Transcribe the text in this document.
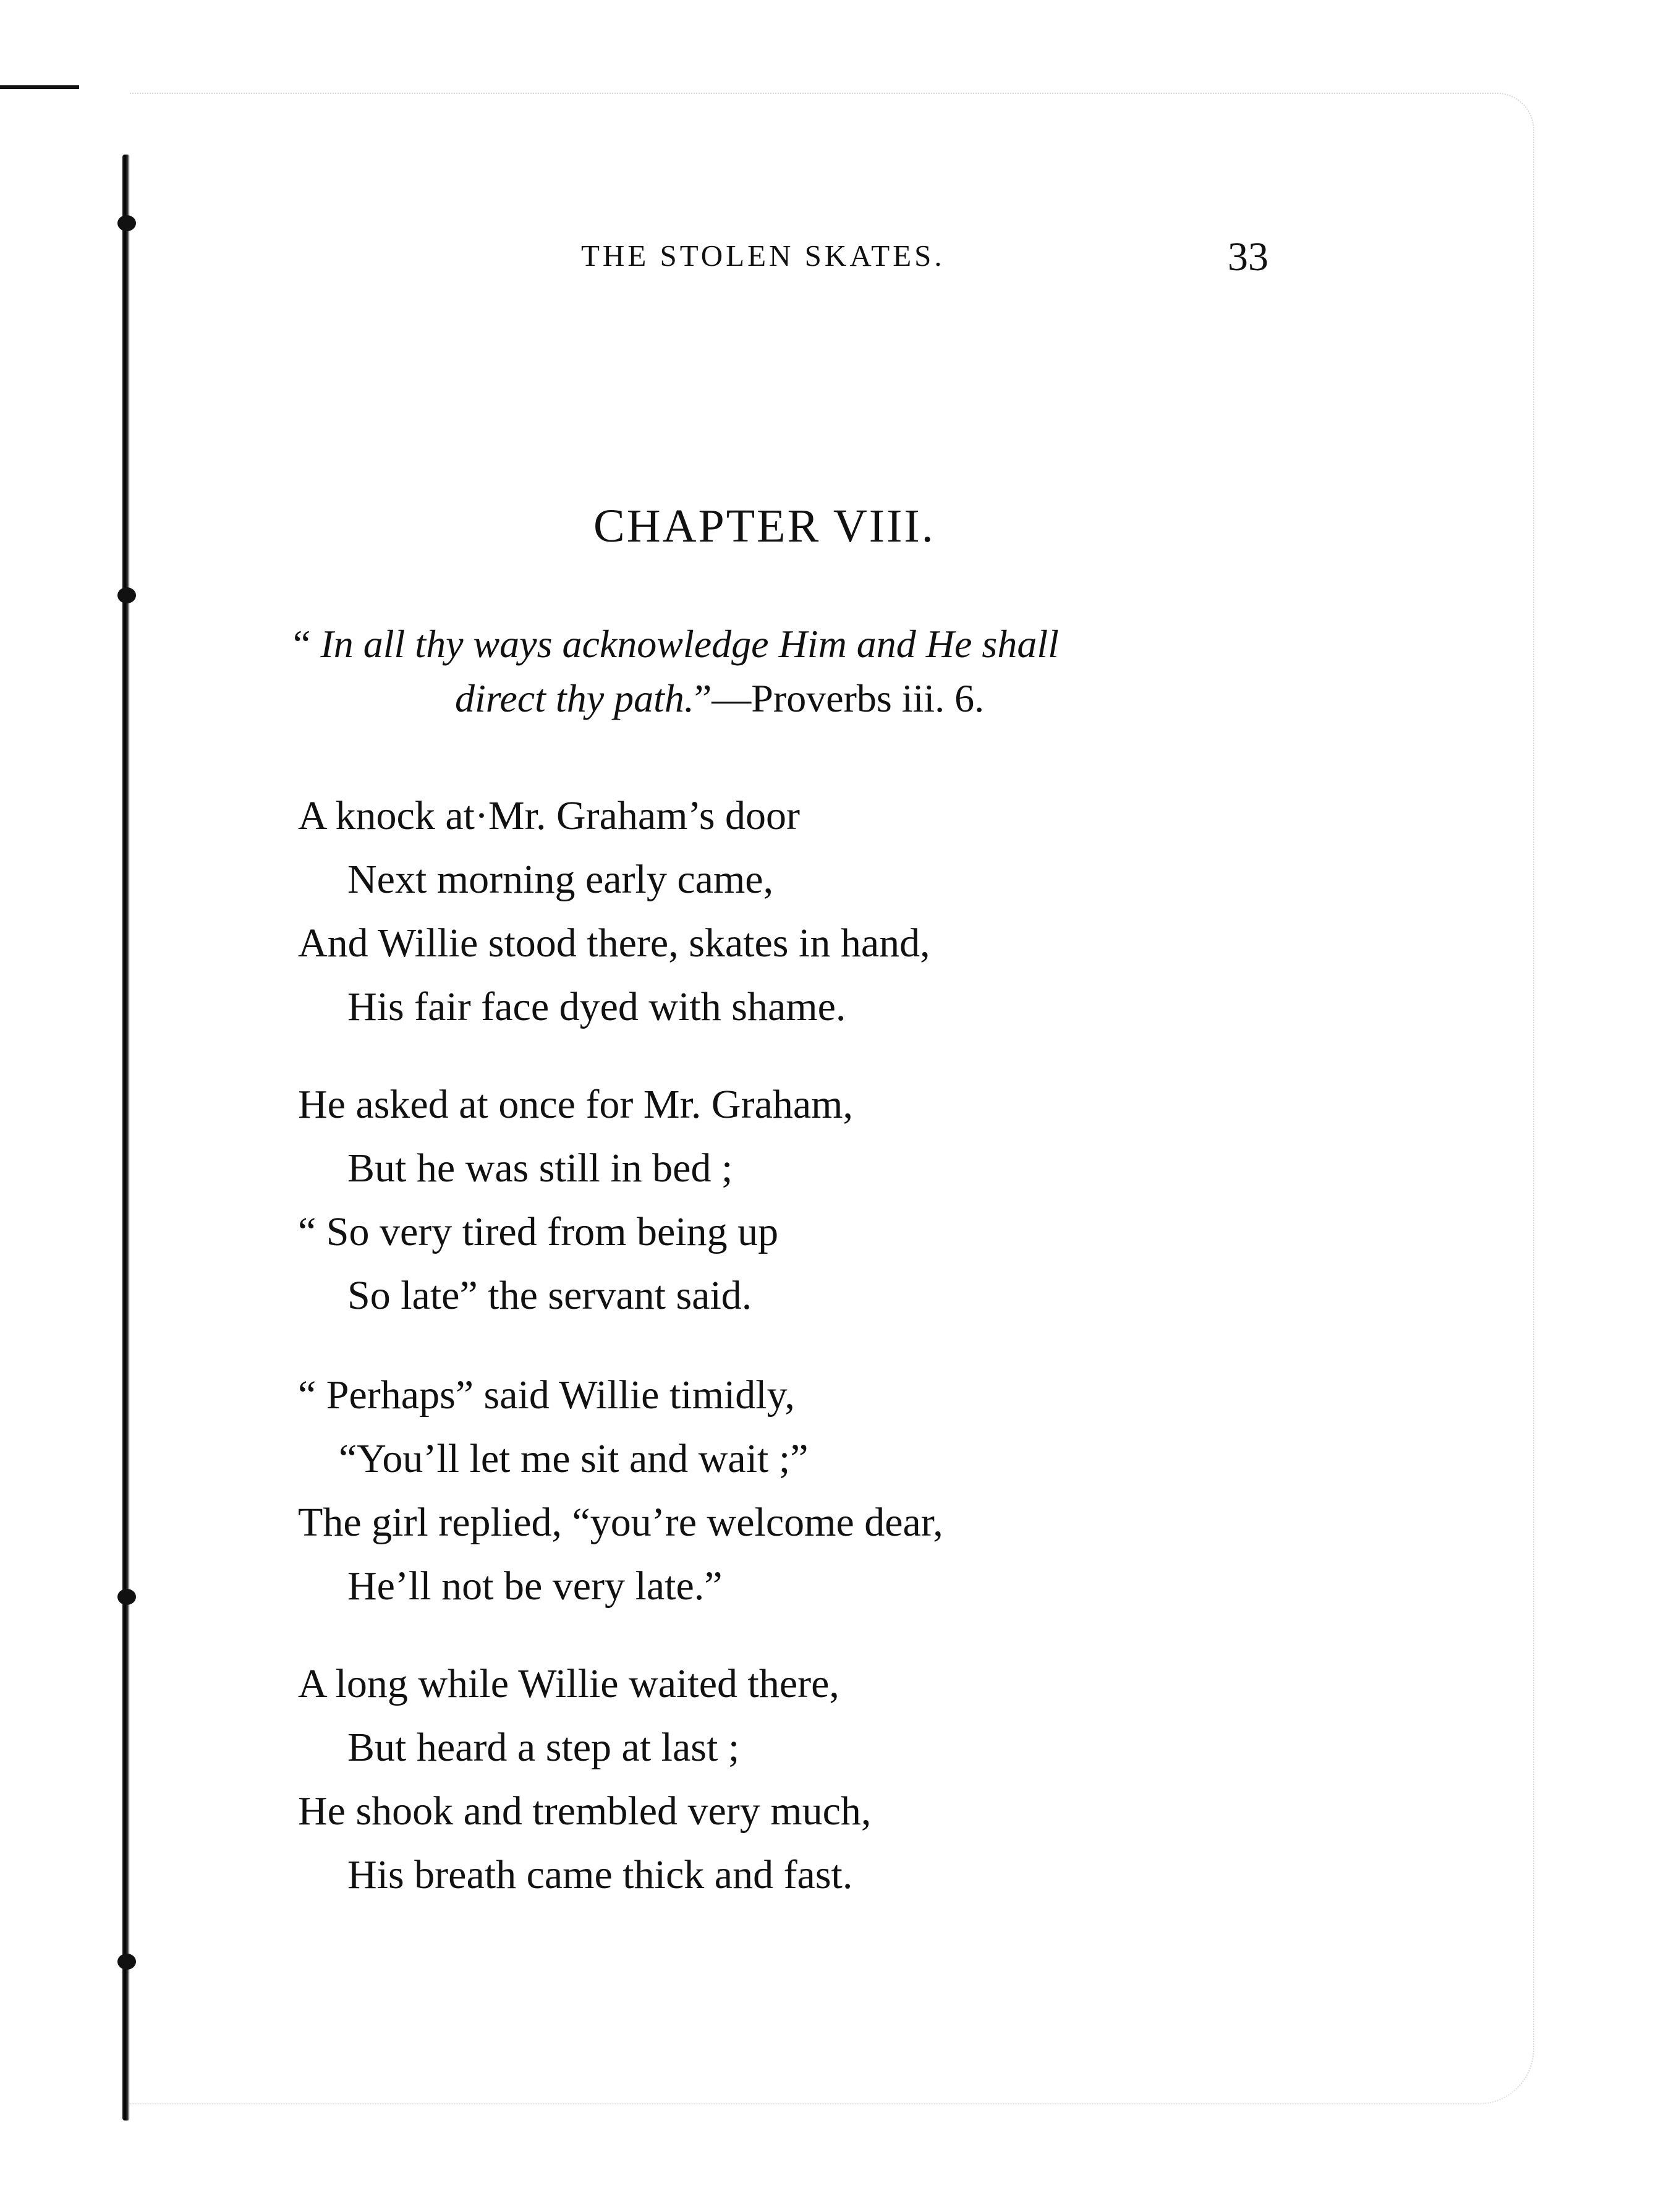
THE STOLEN SKATES.	33
CHAPTER VIII.
“ In all thy ways acknowledge Him and He shall
direct thy path.”—Proverbs iii. 6.
A knock at·Mr. Graham’s door
Next morning early came,
And Willie stood there, skates in hand,
His fair face dyed with shame.
He asked at once for Mr. Graham,
But he was still in bed ;
“ So very tired from being up
So late” the servant said.
“ Perhaps” said Willie timidly,
“You’ll let me sit and wait ;”
The girl replied, “you’re welcome dear,
He’ll not be very late.”
A long while Willie waited there,
But heard a step at last ;
He shook and trembled very much,
His breath came thick and fast.
